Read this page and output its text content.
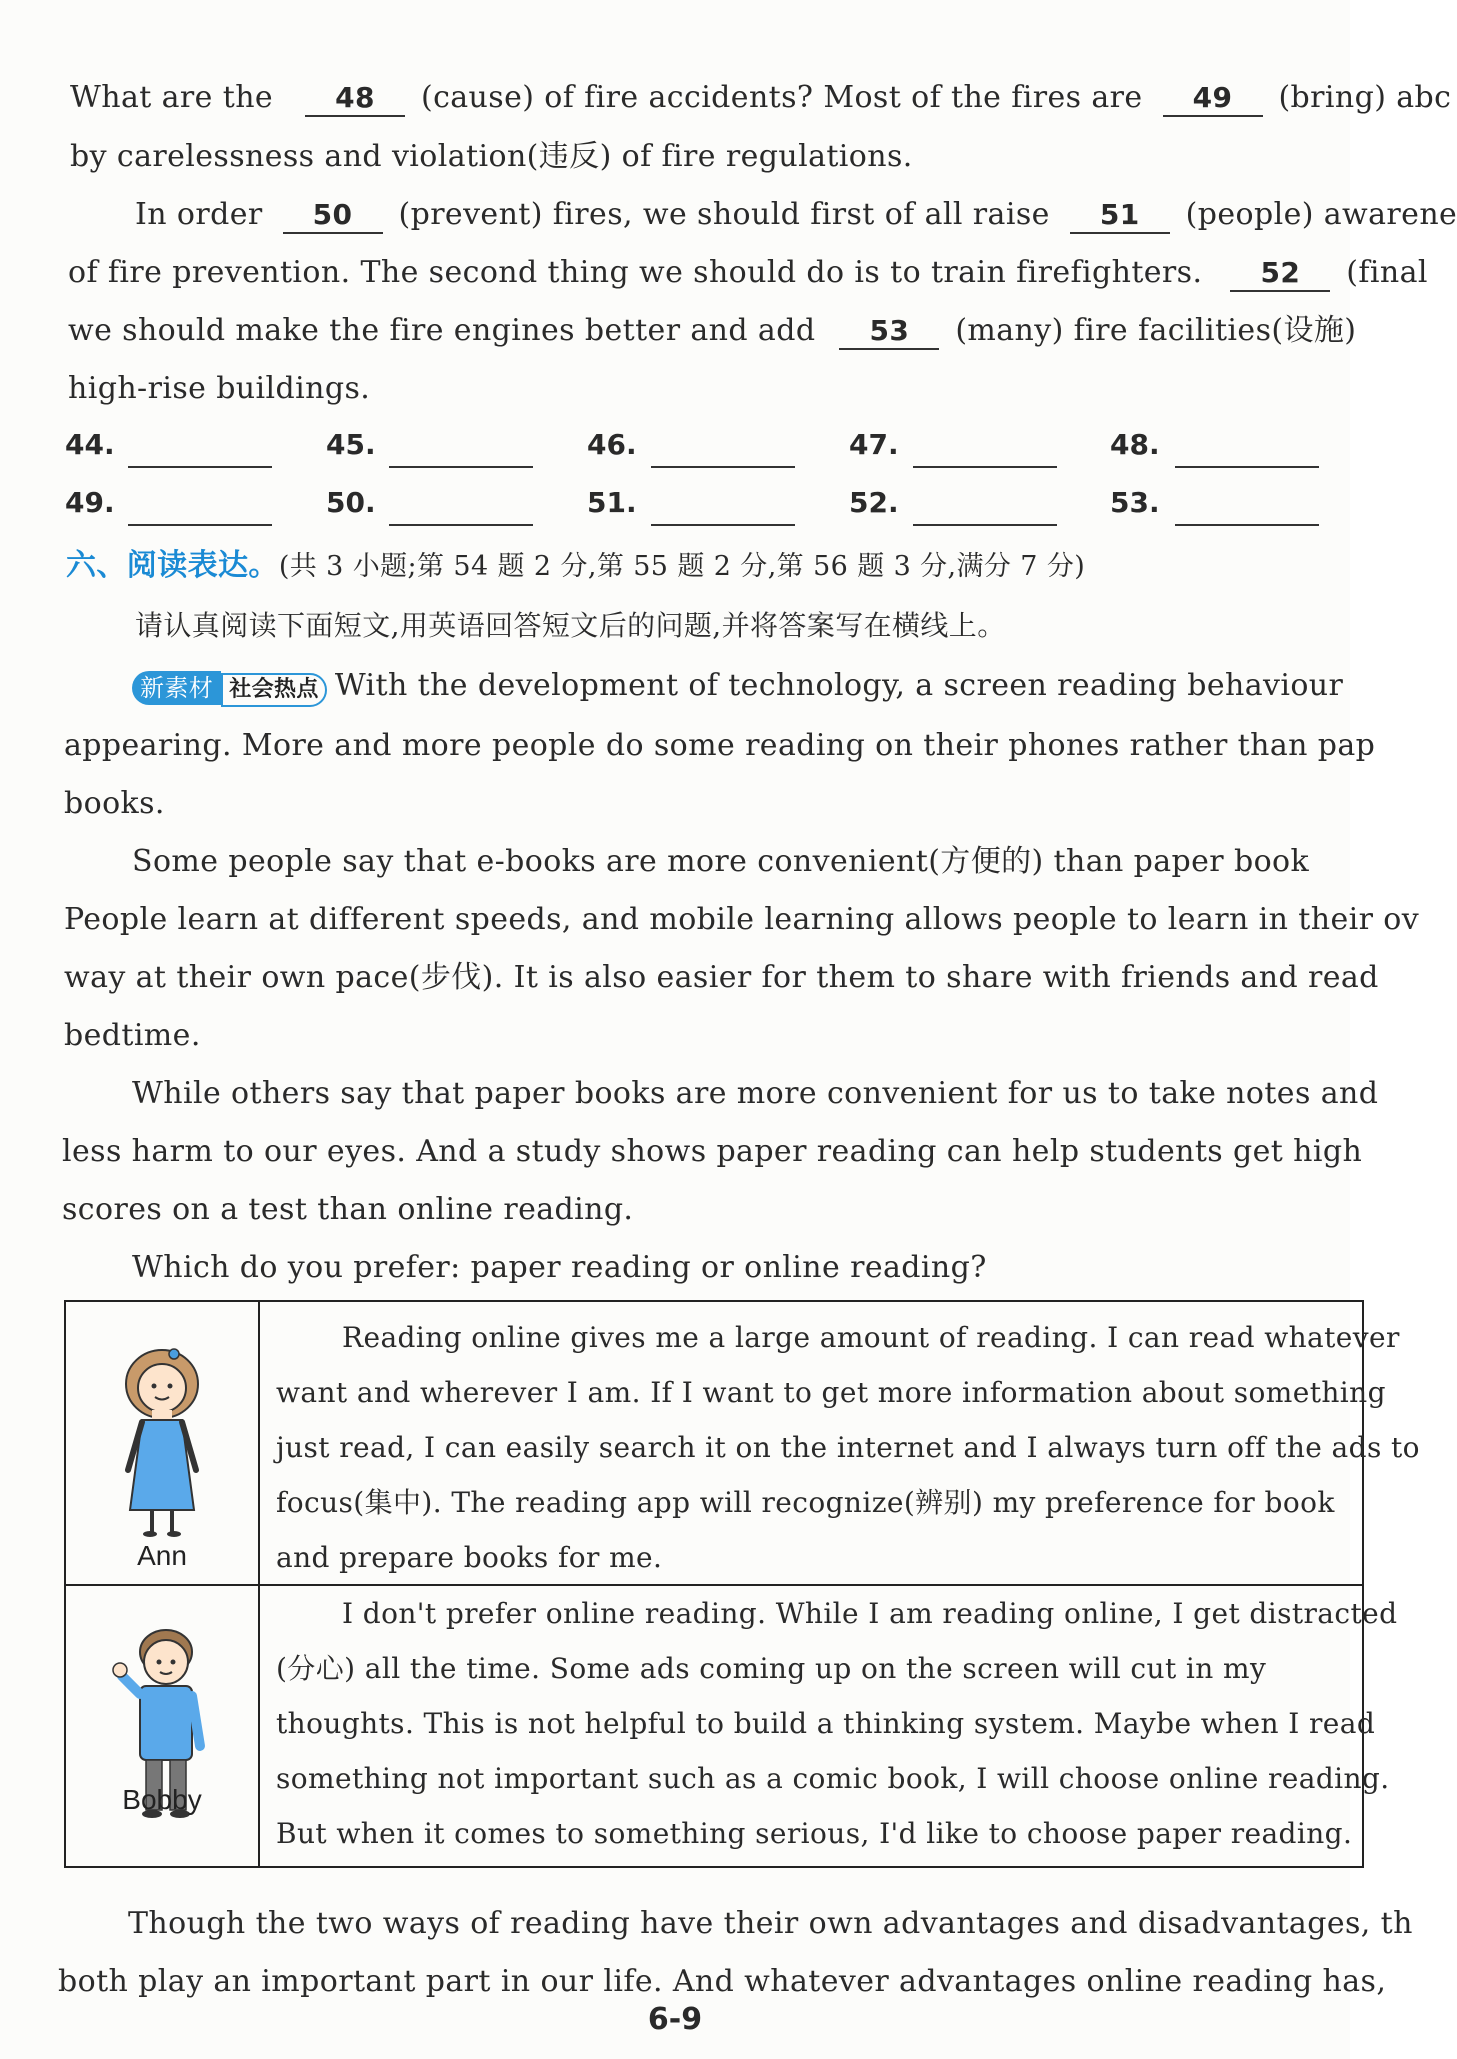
What are the 48 (cause) of fire accidents? Most of the fires are 49 (bring) abc
by carelessness and violation(违反) of fire regulations.
In order 50 (prevent) fires, we should first of all raise 51 (people) awarene
of fire prevention. The second thing we should do is to train firefighters. 52 (final
we should make the fire engines better and add 53 (many) fire facilities(设施)
high-rise buildings.
44.	45.	46.	47.	48.
49.	50.	51.	52.	53.
六、阅读表达。(共 3 小题;第 54 题 2 分,第 55 题 2 分,第 56 题 3 分,满分 7 分)
请认真阅读下面短文,用英语回答短文后的问题,并将答案写在横线上。
新素材 社会热点 With the development of technology, a screen reading behaviour
appearing. More and more people do some reading on their phones rather than pap
books.
Some people say that e-books are more convenient(方便的) than paper book
People learn at different speeds, and mobile learning allows people to learn in their ov
way at their own pace(步伐). It is also easier for them to share with friends and read
bedtime.
While others say that paper books are more convenient for us to take notes and
less harm to our eyes. And a study shows paper reading can help students get high
scores on a test than online reading.
Which do you prefer: paper reading or online reading?
Ann
Reading online gives me a large amount of reading. I can read whatever
want and wherever I am. If I want to get more information about something
just read, I can easily search it on the internet and I always turn off the ads to
focus(集中). The reading app will recognize(辨别) my preference for book
and prepare books for me.
Bobby
I don't prefer online reading. While I am reading online, I get distracted
(分心) all the time. Some ads coming up on the screen will cut in my
thoughts. This is not helpful to build a thinking system. Maybe when I read
something not important such as a comic book, I will choose online reading.
But when it comes to something serious, I'd like to choose paper reading.
Though the two ways of reading have their own advantages and disadvantages, th
both play an important part in our life. And whatever advantages online reading has,
6-9
